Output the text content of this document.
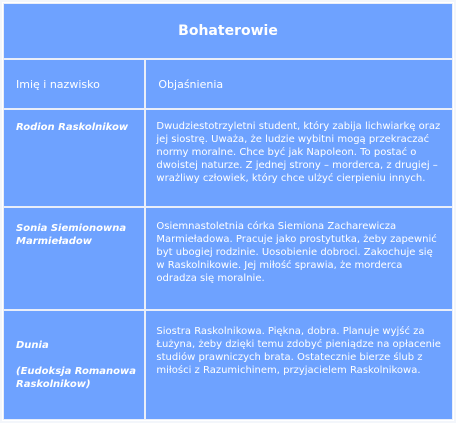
Bohaterowie
Imię i nazwisko	Objaśnienia
Rodion Raskolnikow	Dwudziestotrzyletni student, który zabija lichwiarkę oraz jej siostrę. Uważa, że ludzie wybitni mogą przekraczać normy moralne. Chce być jak Napoleon. To postać o dwoistej naturze. Z jednej strony – morderca, z drugiej – wrażliwy człowiek, który chce ulżyć cierpieniu innych.
Sonia Siemionowna
Marmieładow
Osiemnastoletnia córka Siemiona Zacharewicza Marmieładowa. Pracuje jako prostytutka, żeby zapewnić byt ubogiej rodzinie. Uosobienie dobroci. Zakochuje się w Raskolnikowie. Jej miłość sprawia, że morderca odradza się moralnie.
Dunia
(Eudoksja Romanowa
Raskolnikow)
Siostra Raskolnikowa. Piękna, dobra. Planuje wyjść za Łużyna, żeby dzięki temu zdobyć pieniądze na opłacenie studiów prawniczych brata. Ostatecznie bierze ślub z miłości z Razumichinem, przyjacielem Raskolnikowa.
